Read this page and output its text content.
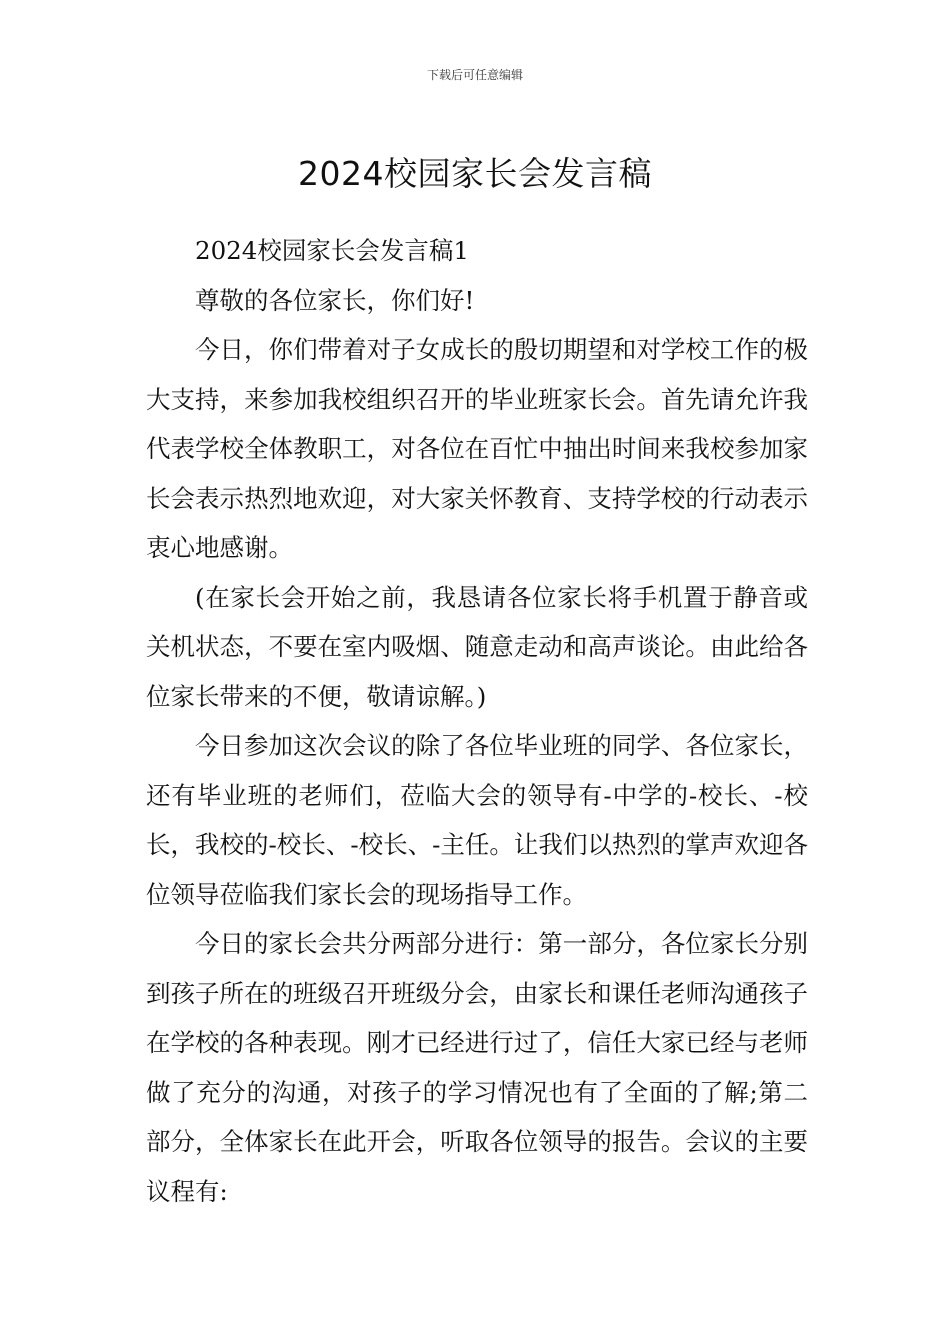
下载后可任意编辑
2024校园家长会发言稿

2024校园家长会发言稿1

尊敬的各位家长，你们好!

今日，你们带着对子女成长的殷切期望和对学校工作的极大支持，来参加我校组织召开的毕业班家长会。首先请允许我代表学校全体教职工，对各位在百忙中抽出时间来我校参加家长会表示热烈地欢迎，对大家关怀教育、支持学校的行动表示衷心地感谢。

(在家长会开始之前，我恳请各位家长将手机置于静音或关机状态，不要在室内吸烟、随意走动和高声谈论。由此给各位家长带来的不便，敬请谅解。)

今日参加这次会议的除了各位毕业班的同学、各位家长，还有毕业班的老师们，莅临大会的领导有-中学的-校长、-校长，我校的-校长、-校长、-主任。让我们以热烈的掌声欢迎各位领导莅临我们家长会的现场指导工作。

今日的家长会共分两部分进行：第一部分，各位家长分别到孩子所在的班级召开班级分会，由家长和课任老师沟通孩子在学校的各种表现。刚才已经进行过了，信任大家已经与老师做了充分的沟通，对孩子的学习情况也有了全面的了解;第二部分，全体家长在此开会，听取各位领导的报告。会议的主要议程有:
